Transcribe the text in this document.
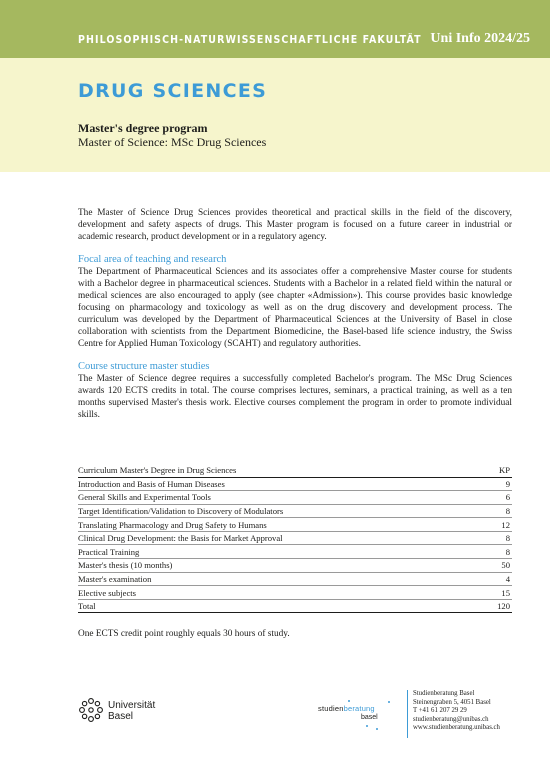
PHILOSOPHISCH-NATURWISSENSCHAFTLICHE FAKULTÄT Uni Info 2024/25
DRUG SCIENCES
Master's degree program
Master of Science: MSc Drug Sciences

The Master of Science Drug Sciences provides theoretical and practical skills in the field of the discovery, development and safety aspects of drugs. This Master program is focused on a future career in industrial or academic research, product development or in a regulatory agency.

Focal area of teaching and research

The Department of Pharmaceutical Sciences and its associates offer a comprehensive Master course for students with a Bachelor degree in pharmaceutical sciences. Students with a Bachelor in a related field within the natural or medical sciences are also encouraged to apply (see chapter «Admission»). This course provides basic knowledge focusing on pharmacology and toxicology as well as on the drug discovery and development process. The curriculum was developed by the Department of Pharmaceutical Sciences at the University of Basel in close collaboration with scientists from the Department Biomedicine, the Basel-based life science industry, the Swiss Centre for Applied Human Toxicology (SCAHT) and regulatory authorities.

Course structure master studies

The Master of Science degree requires a successfully completed Bachelor's program. The MSc Drug Sciences awards 120 ECTS credits in total. The course comprises lectures, seminars, a practical training, as well as a ten months supervised Master's thesis work. Elective courses complement the program in order to promote individual skills.

Curriculum Master's Degree in Drug Sciences	KP
Introduction and Basis of Human Diseases	9
General Skills and Experimental Tools	6
Target Identification/Validation to Discovery of Modulators	8
Translating Pharmacology and Drug Safety to Humans	12
Clinical Drug Development: the Basis for Market Approval	8
Practical Training	8
Master's thesis (10 months)	50
Master's examination	4
Elective subjects	15
Total	120
One ECTS credit point roughly equals 30 hours of study.
Universität
Basel
studienberatung
basel
Studienberatung Basel
Steinengraben 5, 4051 Basel
T +41 61 207 29 29
studienberatung@unibas.ch
www.studienberatung.unibas.ch
